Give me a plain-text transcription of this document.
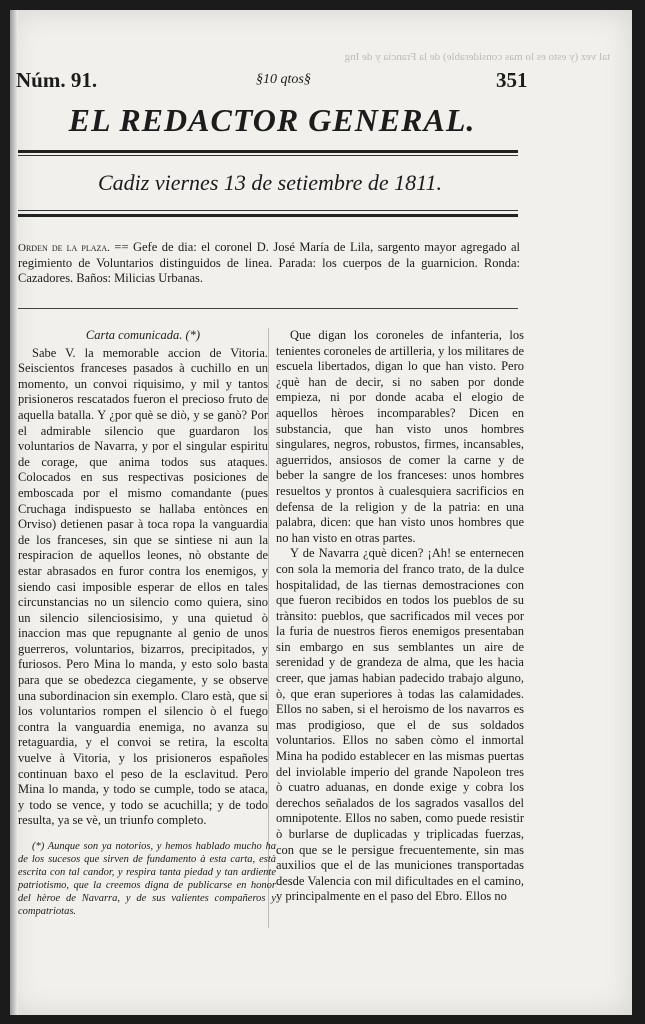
tal vez (y esto es lo mas considerable) de la Francia y de Ing
Núm. 91.	§10 qtos§	351
EL REDACTOR GENERAL.
Cadiz viernes 13 de setiembre de 1811.
Orden de la plaza. == Gefe de dia: el coronel D. José María de Lila, sargento mayor agregado al regimiento de Voluntarios distinguidos de linea. Parada: los cuerpos de la guarnicion. Ronda: Cazadores. Baños: Milicias Urbanas.
Carta comunicada. (*)

Sabe V. la memorable accion de Vitoria. Seiscientos franceses pasados à cuchillo en un momento, un convoi riquisimo, y mil y tantos prisioneros rescatados fueron el precioso fruto de aquella batalla. Y ¿por què se diò, y se ganò? Por el admirable silencio que guardaron los voluntarios de Navarra, y por el singular espiritu de corage, que anima todos sus ataques. Colocados en sus respectivas posiciones de emboscada por el mismo comandante (pues Cruchaga indispuesto se hallaba entònces en Orviso) detienen pasar à toca ropa la vanguardia de los franceses, sin que se sintiese ni aun la respiracion de aquellos leones, nò obstante de estar abrasados en furor contra los enemigos, y siendo casi imposible esperar de ellos en tales circunstancias no un silencio como quiera, sino un silencio silenciosisimo, y una quietud ò inaccion mas que repugnante al genio de unos guerreros, voluntarios, bizarros, precipitados, y furiosos. Pero Mina lo manda, y esto solo basta para que se obedezca ciegamente, y se observe una subordinacion sin exemplo. Claro està, que si los voluntarios rompen el silencio ò el fuego contra la vanguardia enemiga, no avanza su retaguardia, y el convoi se retira, la escolta vuelve à Vitoria, y los prisioneros españoles continuan baxo el peso de la esclavitud. Pero Mina lo manda, y todo se cumple, todo se ataca, y todo se vence, y todo se acuchilla; y de todo resulta, ya se vè, un triunfo completo.

Que digan los coroneles de infanteria, los tenientes coroneles de artilleria, y los militares de escuela libertados, digan lo que han visto. Pero ¿què han de decir, si no saben por donde empieza, ni por donde acaba el elogio de aquellos hèroes incomparables? Dicen en substancia, que han visto unos hombres singulares, negros, robustos, firmes, incansables, aguerridos, ansiosos de comer la carne y de beber la sangre de los franceses: unos hombres resueltos y prontos à cualesquiera sacrificios en defensa de la religion y de la patria: en una palabra, dicen: que han visto unos hombres que no han visto en otras partes.

Y de Navarra ¿què dicen? ¡Ah! se enternecen con sola la memoria del franco trato, de la dulce hospitalidad, de las tiernas demostraciones con que fueron recibidos en todos los pueblos de su trànsito: pueblos, que sacrificados mil veces por la furia de nuestros fieros enemigos presentaban sin embargo en sus semblantes un aire de serenidad y de grandeza de alma, que les hacia creer, que jamas habian padecido trabajo alguno, ò, que eran superiores à todas las calamidades. Ellos no saben, si el heroismo de los navarros es mas prodigioso, que el de sus soldados voluntarios. Ellos no saben còmo el inmortal Mina ha podido establecer en las mismas puertas del inviolable imperio del grande Napoleon tres ò cuatro aduanas, en donde exige y cobra los derechos señalados de los sagrados vasallos del omnipotente. Ellos no saben, como puede resistir ò burlarse de duplicadas y triplicadas fuerzas, con que se le persigue frecuentemente, sin mas auxilios que el de las municiones transportadas desde Valencia con mil dificultades en el camino, y principalmente en el paso del Ebro. Ellos no

(*) Aunque son ya notorios, y hemos hablado mucho ha de los sucesos que sirven de fundamento à esta carta, està escrita con tal candor, y respira tanta piedad y tan ardiente patriotismo, que la creemos digna de publicarse en honor del hèroe de Navarra, y de sus valientes compañeros y compatriotas.
